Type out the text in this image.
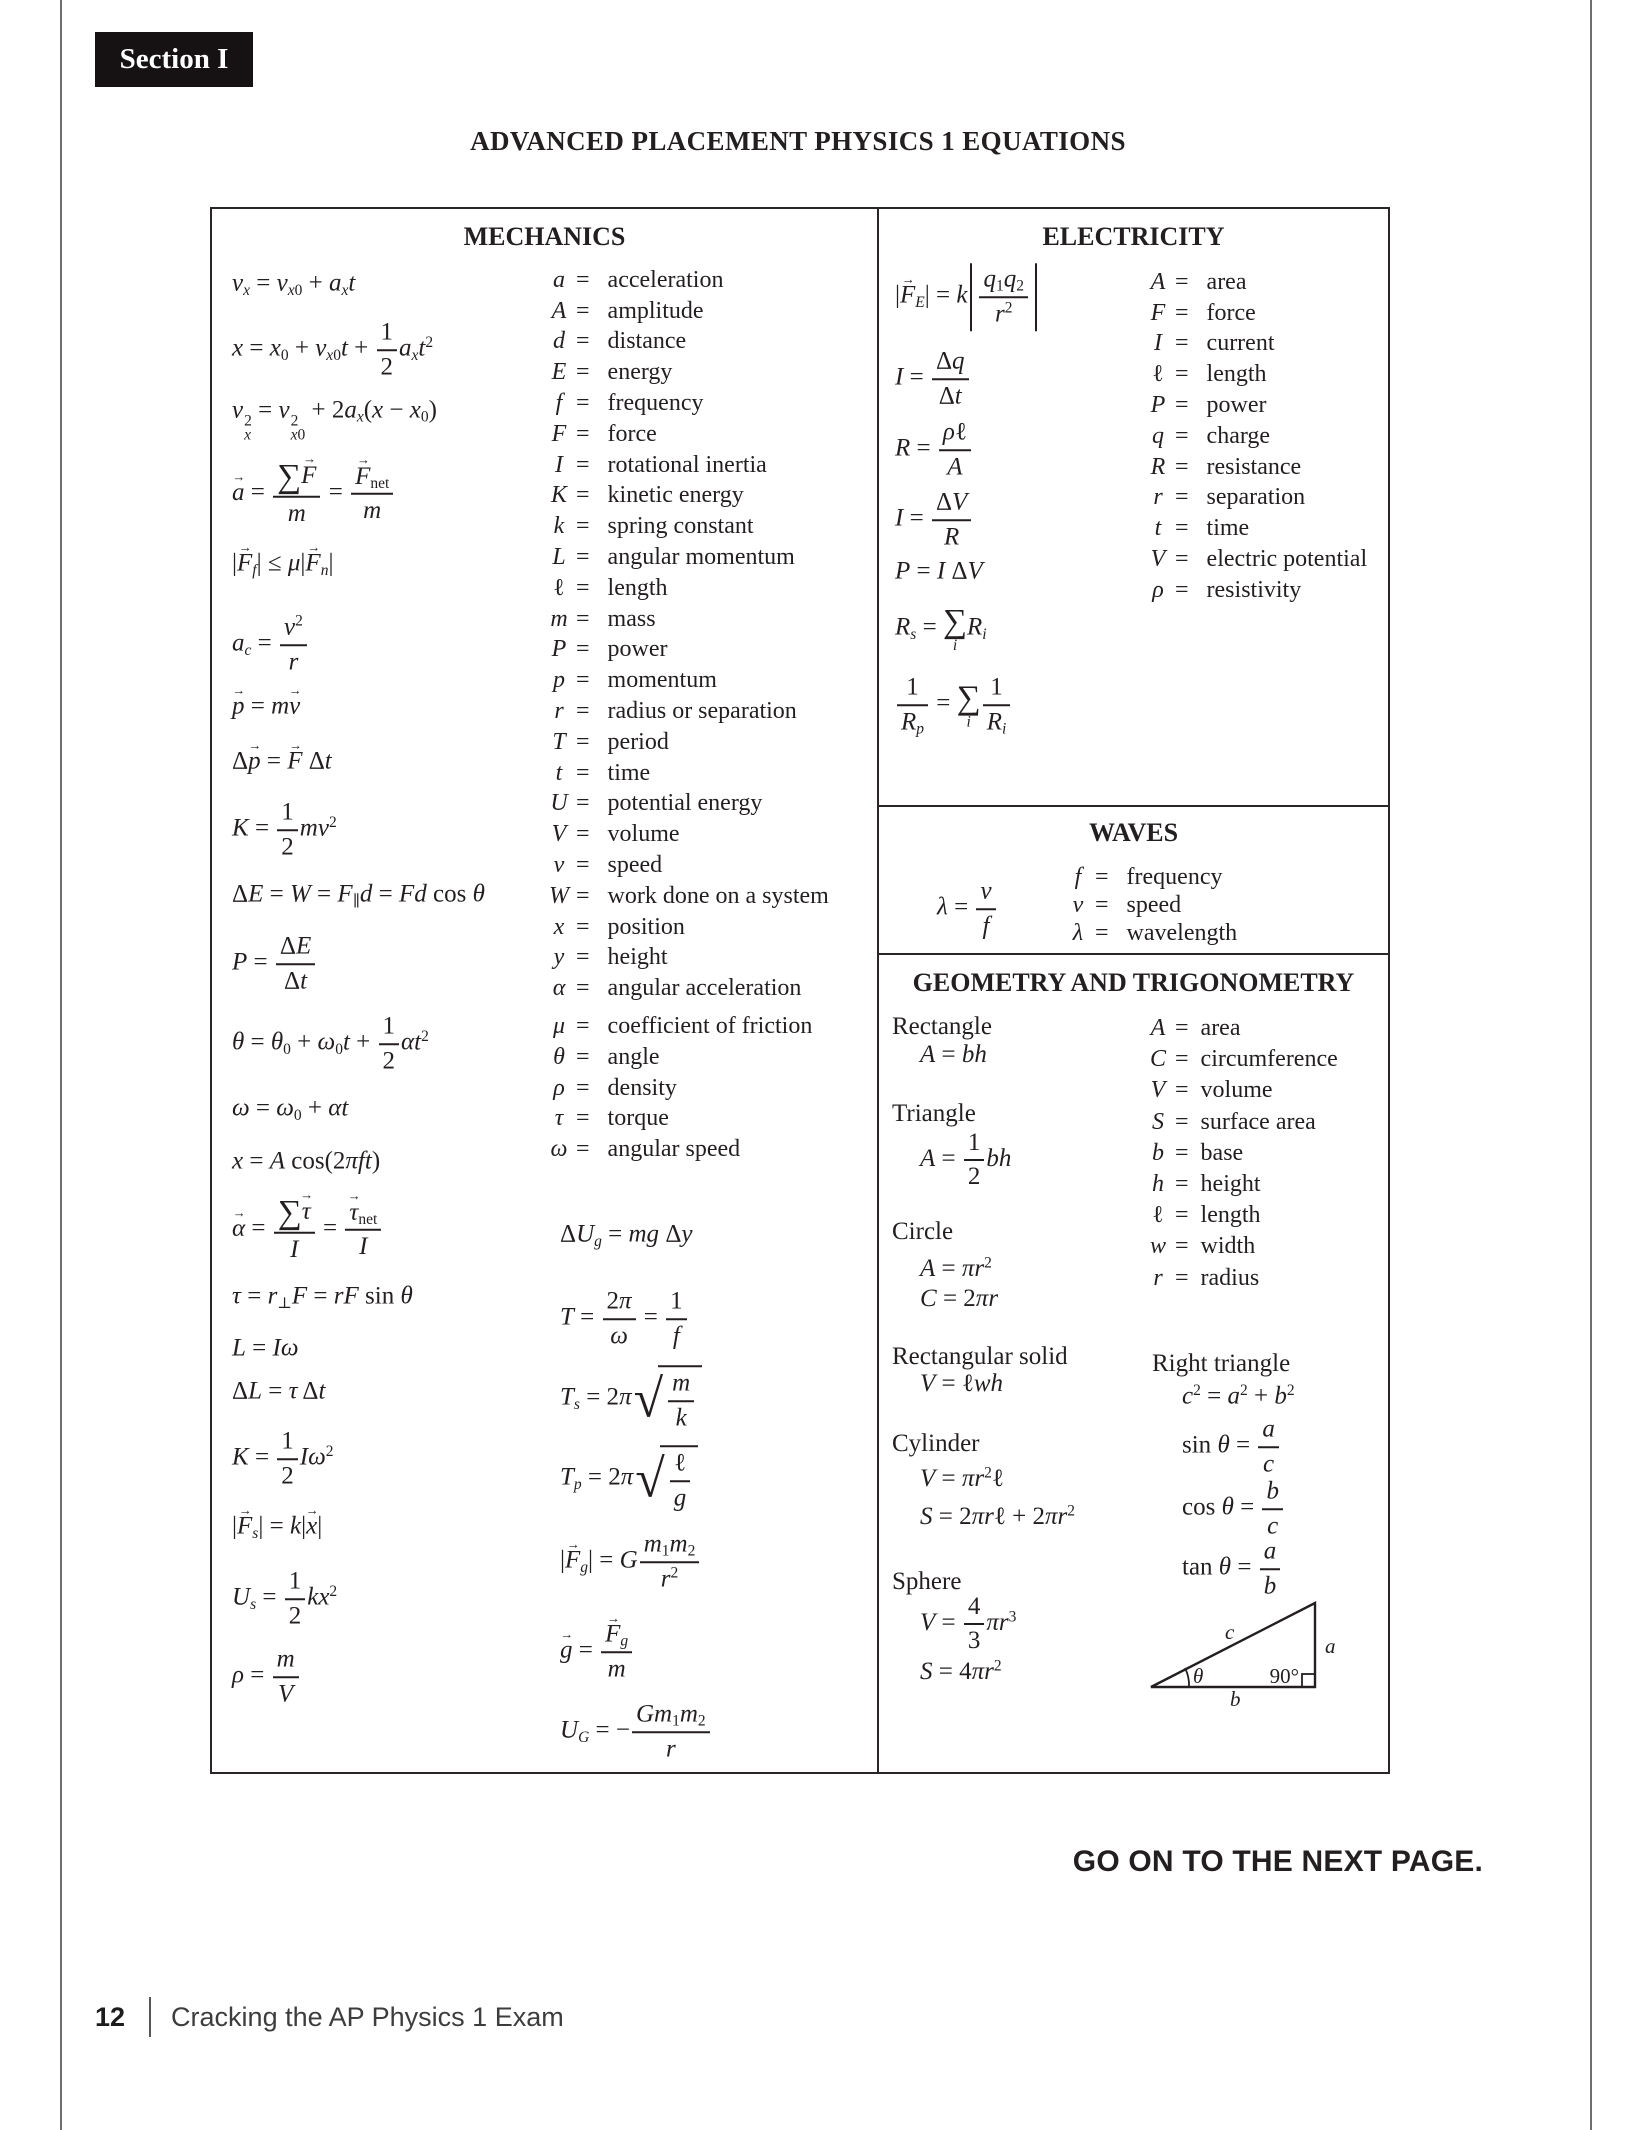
Section I
ADVANCED PLACEMENT PHYSICS 1 EQUATIONS
MECHANICS
$v_x = v_{x0} + a_xt$
$x = x_0 + v_{x0}t + \frac{1}{2} a_xt^2$
v 2
x
= v 2
x0
+ $2a_x(x - x_0)$
→ $a = \frac{\sum\to F}{m}$ =
→ $F_{net}$
m
|→ $F_f| \le \mu|\to F_n|$
$a_c = \frac{v^2}{r}$
→ p = m→ v
Δ→ p = → F Δt
$K = \frac{1}{2} mv^2$
$\Delta E = W = F_\parallel d = Fd$ cos θ
$P = \frac{\Delta E}{\Delta t}$
$\theta = \theta_0 + \omega_0t + \frac{1}{2} \alpha t^2$
$\omega = \omega_0 + \alpha t$
x = A cos(2πft)
→ $\alpha = \frac{\sum\to \tau}{I}$ =
→ $\tau_{net}$
I
$\tau = r_\perp F$ = rF sin θ
L = Iω
ΔL = τ Δt
$K = \frac{1}{2} I\omega^2$
|→ $F_s| = k|\to x|$
$U_s = \frac{1}{2} kx^2$
$\rho = \frac{m}{V}$
a =   acceleration
A =   amplitude
d =   distance
E =   energy
f =   frequency
F =   force
I =   rotational inertia
K =   kinetic energy
k =   spring constant
L =   angular momentum
ℓ =   length
m =   mass
P =   power
p =   momentum
r =   radius or separation
T =   period
t =   time
U =   potential energy
V =   volume
v =   speed
W =   work done on a system
x =   position
y =   height
α =   angular acceleration
μ =   coefficient of friction
θ =   angle
ρ =   density
τ =   torque
ω =   angular speed
$\Delta U_g$ = mg Δy
$T = \frac{2\pi}{\omega} = \frac{1}{f}$
$T_s = 2\pi$ √ $\frac{m}{k}$
$T_p = 2\pi$ √ ℓ
g
|→ $F_g| = G \frac{m_1m_2}{r^2}$
→ g = → $\frac{F_g}{m}$
$U_G$ = − $\frac{Gm_1m_2}{r}$
ELECTRICITY
|→ $F_E| = k \frac{q_1q_2}{r^2}$
$I = \frac{\Delta q}{\Delta t}$
R =
ρℓ
A
$I = \frac{\Delta V}{R}$
P = I ΔV
$R_s$ = ∑
i
$R_i$
$\frac{1}{R_p}$ = ∑
i $\frac{1}{R_i}$
A =   area
F =   force
I =   current
ℓ =   length
P =   power
q =   charge
R =   resistance
r =   separation
t =   time
V =   electric potential
ρ =   resistivity
WAVES
$\lambda = \frac{v}{f}$
f =   frequency
v =   speed
λ =   wavelength
GEOMETRY AND TRIGONOMETRY
Rectangle
A = bh
Triangle
$A = \frac{1}{2}$ bh
Circle
$A = \pi r^2$
C = 2πr
Rectangular solid
V = ℓwh
Cylinder
$V = \pi r^2\ell$
S = 2πrℓ + $2\pi r^2$
Sphere
$V = \frac{4}{3} \pi r^3$
$S = 4\pi r^2$
A =  area
C =  circumference
V =  volume
S =  surface area
b =  base
h =  height
ℓ =  length
w =  width
r =  radius
Right triangle
$c^2 = a^2 + b^2$
$\sin \theta = \frac{a}{c}$
$\cos \theta = \frac{b}{c}$
$\tan \theta = \frac{a}{b}$
θ	90°
c
a
b
GO ON TO THE NEXT PAGE.
12 Cracking the AP Physics 1 Exam
